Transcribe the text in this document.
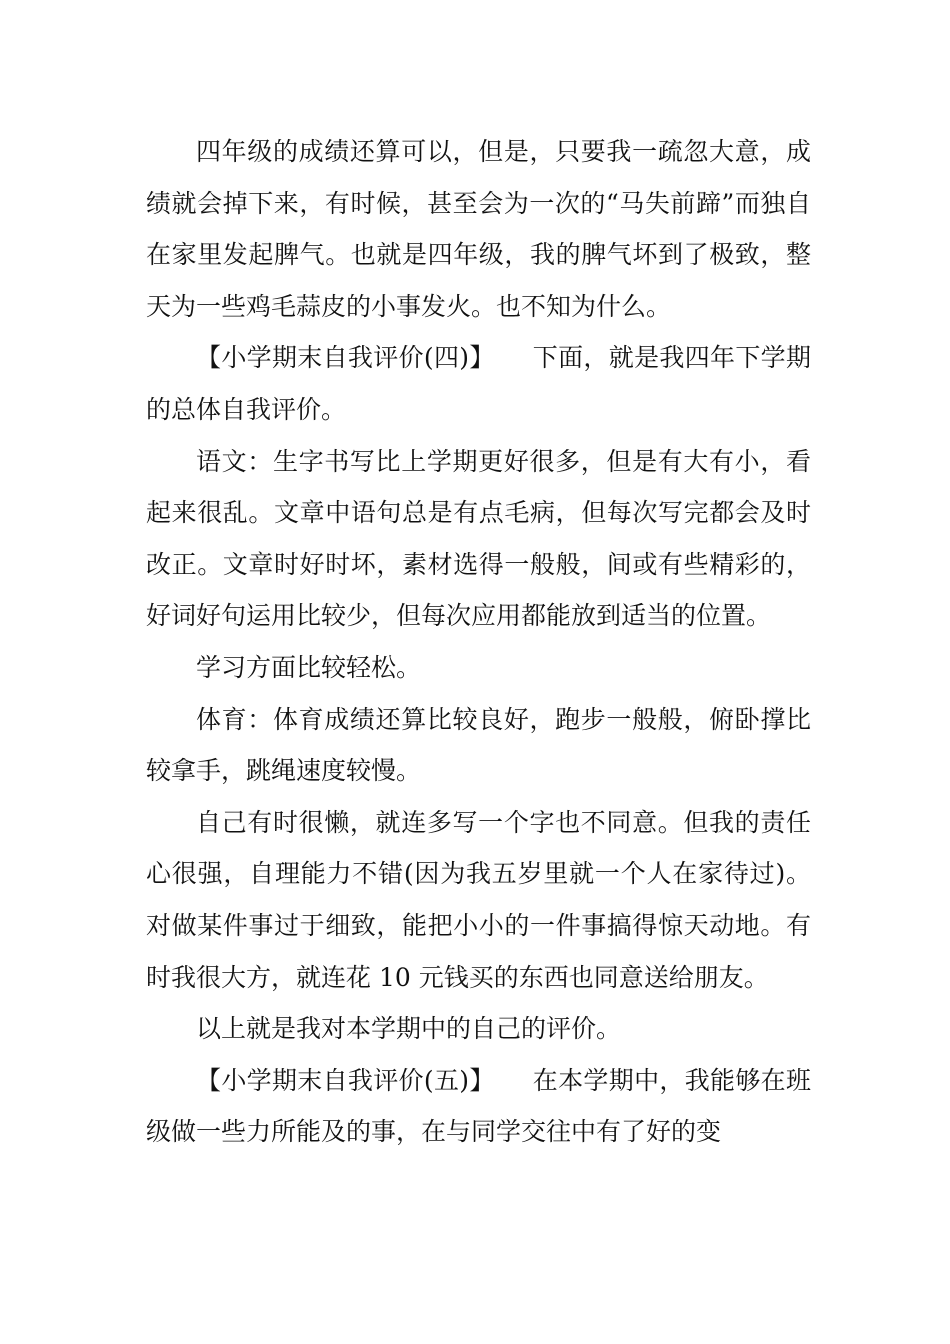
四年级的成绩还算可以，但是，只要我一疏忽大意，成绩就会掉下来，有时候，甚至会为一次的“马失前蹄”而独自在家里发起脾气。也就是四年级，我的脾气坏到了极致，整天为一些鸡毛蒜皮的小事发火。也不知为什么。

【小学期末自我评价(四)】　　下面，就是我四年下学期的总体自我评价。

语文：生字书写比上学期更好很多，但是有大有小，看起来很乱。文章中语句总是有点毛病，但每次写完都会及时改正。文章时好时坏，素材选得一般般，间或有些精彩的，好词好句运用比较少，但每次应用都能放到适当的位置。

学习方面比较轻松。

体育：体育成绩还算比较良好，跑步一般般，俯卧撑比较拿手，跳绳速度较慢。

自己有时很懒，就连多写一个字也不同意。但我的责任心很强，自理能力不错(因为我五岁里就一个人在家待过)。对做某件事过于细致，能把小小的一件事搞得惊天动地。有时我很大方，就连花 10 元钱买的东西也同意送给朋友。

以上就是我对本学期中的自己的评价。

【小学期末自我评价(五)】　　在本学期中，我能够在班级做一些力所能及的事，在与同学交往中有了好的变
